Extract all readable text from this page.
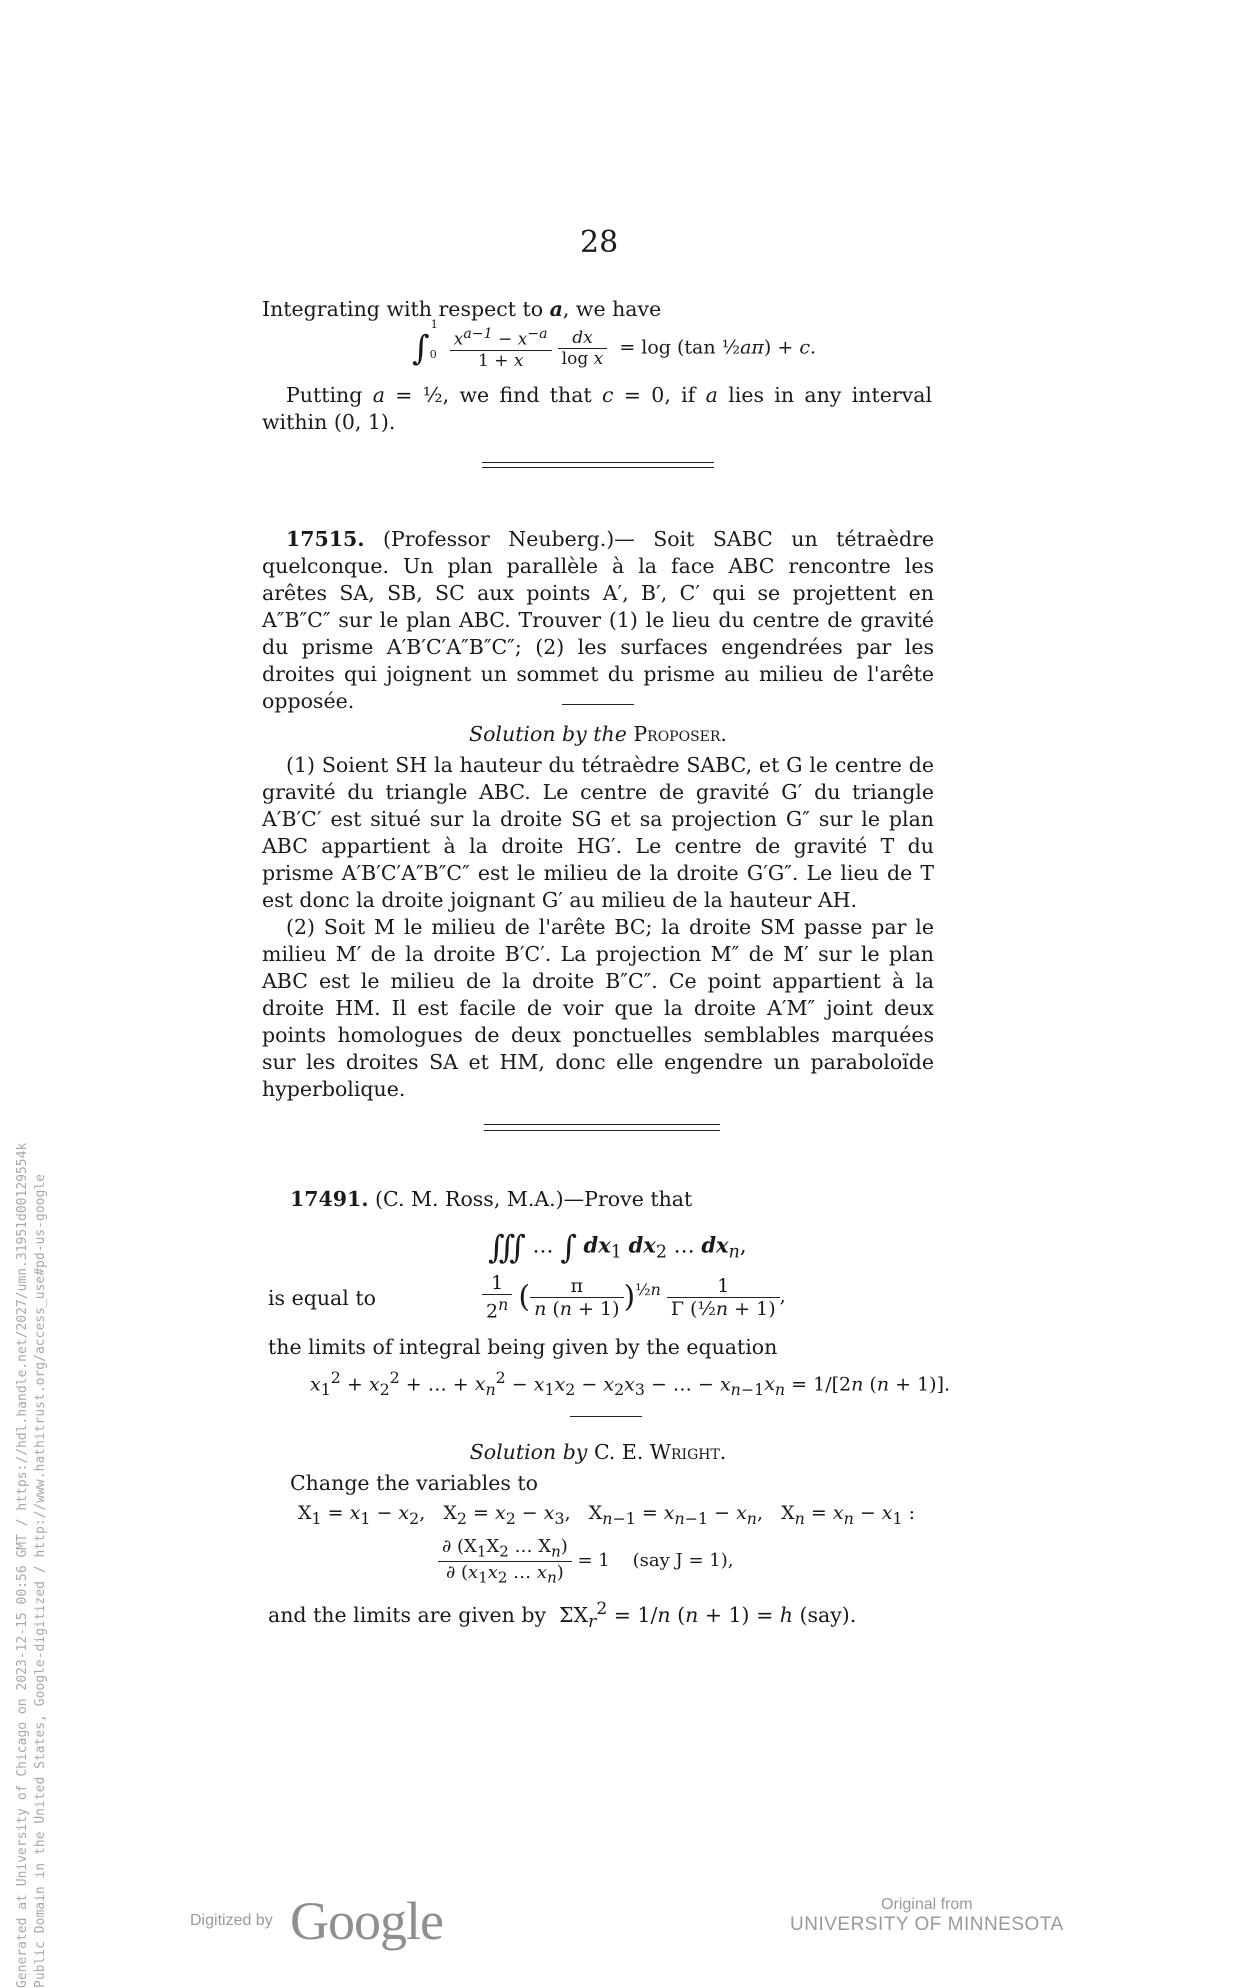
28
Integrating with respect to a, we have
$\int_0^1$
$\frac{x^{a-1} - x^{-a}}{1 + x}$
$\frac{dx}{\text{log x}} = \log (\tan$ ½aπ) + c.
Putting a = ½, we find that c = 0, if a lies in any interval within (0, 1).
17515. (Professor Neuberg.)— Soit SABC un tétraèdre quelconque. Un plan parallèle à la face ABC rencontre les arêtes SA, SB, SC aux points A′, B′, C′ qui se projettent en A″B″C″ sur le plan ABC. Trouver (1) le lieu du centre de gravité du prisme A′B′C′A″B″C″; (2) les surfaces engendrées par les droites qui joignent un sommet du prisme au milieu de l'arête opposée.
Solution by the Proposer.
(1) Soient SH la hauteur du tétraèdre SABC, et G le centre de gravité du triangle ABC. Le centre de gravité G′ du triangle A′B′C′ est situé sur la droite SG et sa projection G″ sur le plan ABC appartient à la droite HG′. Le centre de gravité T du prisme A′B′C′A″B″C″ est le milieu de la droite G′G″. Le lieu de T est donc la droite joignant G′ au milieu de la hauteur AH.
(2) Soit M le milieu de l'arête BC; la droite SM passe par le milieu M′ de la droite B′C′. La projection M″ de M′ sur le plan ABC est le milieu de la droite B″C″. Ce point appartient à la droite HM. Il est facile de voir que la droite A′M″ joint deux points homologues de deux ponctuelles semblables marquées sur les droites SA et HM, donc elle engendre un paraboloïde hyperbolique.
17491. (C. M. Ross, M.A.)—Prove that
∭ … ∫ $dx_1$ $dx_2$ … $dx_n$,
is equal to	$\frac{1}{2^n}$ ( $\frac{\pi}{n (n + 1)} )^{\frac{1}{2}n} \frac{1}{\text{Γ (½n + 1)}}$ ,
the limits of integral being given by the equation
$x_1^2 + x_2^2$ + … + $x_n^2 - x_1x_2 - x_2x_3$ − … − $x_{n-1}x_n = 1/[2n$ (n + 1)].
Solution by C. E. Wright.
Change the variables to
$X_1 = x_1 - x_2$,   $X_2 = x_2 - x_3$,   $X_{n-1} = x_{n-1} - x_n$,   $X_n = x_n - x_1$ :
$\frac{\partial (X_1X_2 \dots X_n)}{\partial (x_1x_2 \dots x_n)} = 1$    (say J = 1),
and the limits are given by  $\Sigma X_r^2 = 1/n$ (n + 1) = h (say).
Generated at University of Chicago on 2023-12-15 00:56 GMT / https://hdl.handle.net/2027/umn.31951d00129554k Public Domain in the United States, Google-digitized / http://www.hathitrust.org/access_use#pd-us-google	Digitized by Google	Original from
UNIVERSITY OF MINNESOTA
